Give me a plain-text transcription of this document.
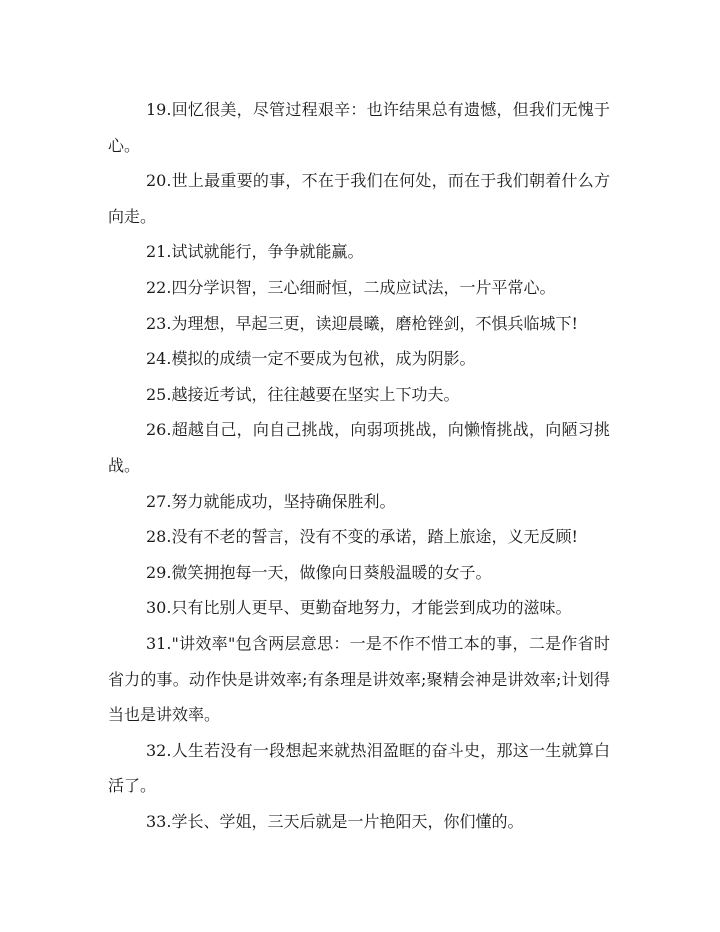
19.回忆很美，尽管过程艰辛：也许结果总有遗憾，但我们无愧于心。

20.世上最重要的事，不在于我们在何处，而在于我们朝着什么方向走。

21.试试就能行，争争就能赢。

22.四分学识智，三心细耐恒，二成应试法，一片平常心。

23.为理想，早起三更，读迎晨曦，磨枪锉剑，不惧兵临城下!

24.模拟的成绩一定不要成为包袱，成为阴影。

25.越接近考试，往往越要在坚实上下功夫。

26.超越自己，向自己挑战，向弱项挑战，向懒惰挑战，向陋习挑战。

27.努力就能成功，坚持确保胜利。

28.没有不老的誓言，没有不变的承诺，踏上旅途，义无反顾!

29.微笑拥抱每一天，做像向日葵般温暖的女子。

30.只有比别人更早、更勤奋地努力，才能尝到成功的滋味。

31."讲效率"包含两层意思：一是不作不惜工本的事，二是作省时省力的事。动作快是讲效率;有条理是讲效率;聚精会神是讲效率;计划得当也是讲效率。

32.人生若没有一段想起来就热泪盈眶的奋斗史，那这一生就算白活了。

33.学长、学姐，三天后就是一片艳阳天，你们懂的。
